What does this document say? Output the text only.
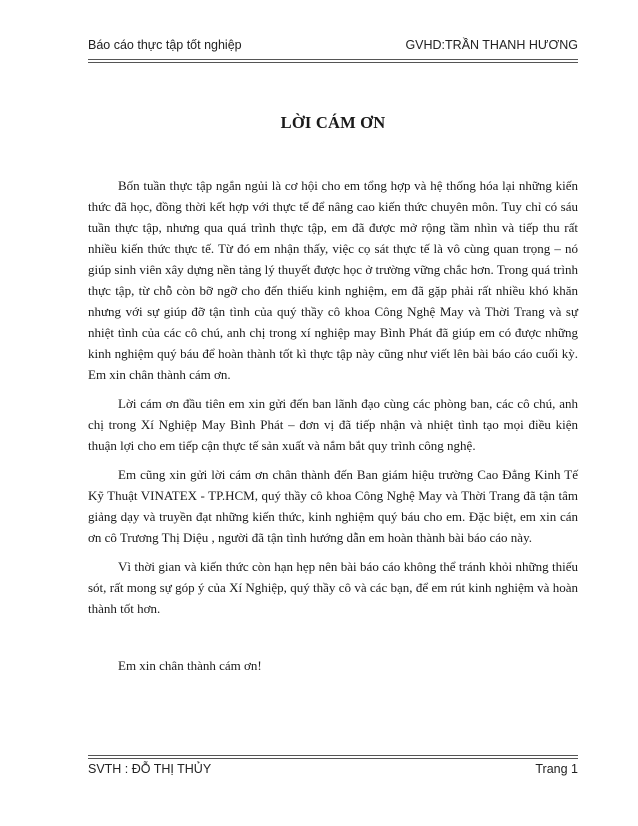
Báo cáo thực tập tốt nghiệp	GVHD:TRẦN THANH HƯƠNG
LỜI CÁM ƠN

Bốn tuần thực tập ngắn ngủi là cơ hội cho em tổng hợp và hệ thống hóa lại những kiến thức đã học, đồng thời kết hợp với thực tế để nâng cao kiến thức chuyên môn. Tuy chỉ có sáu tuần thực tập, nhưng qua quá trình thực tập, em đã được mở rộng tầm nhìn và tiếp thu rất nhiều kiến thức thực tế. Từ đó em nhận thấy, việc cọ sát thực tế là vô cùng quan trọng – nó giúp sinh viên xây dựng nền tảng lý thuyết được học ở trường vững chắc hơn. Trong quá trình thực tập, từ chỗ còn bỡ ngỡ cho đến thiếu kinh nghiệm, em đã gặp phải rất nhiều khó khăn nhưng với sự giúp đỡ tận tình của quý thầy cô khoa Công Nghệ May và Thời Trang và sự nhiệt tình của các cô chú, anh chị trong xí nghiệp may Bình Phát đã giúp em có được những kinh nghiệm quý báu để hoàn thành tốt kì thực tập này cũng như viết lên bài báo cáo cuối kỳ. Em xin chân thành cám ơn.

Lời cám ơn đầu tiên em xin gửi đến ban lãnh đạo cùng các phòng ban, các cô chú, anh chị trong Xí Nghiệp May Bình Phát – đơn vị đã tiếp nhận và nhiệt tình tạo mọi điều kiện thuận lợi cho em tiếp cận thực tế sản xuất và nắm bắt quy trình công nghệ.

Em cũng xin gửi lời cám ơn chân thành đến Ban giám hiệu trường Cao Đẳng Kinh Tế Kỹ Thuật VINATEX - TP.HCM, quý thầy cô khoa Công Nghệ May và Thời Trang đã tận tâm giảng dạy và truyền đạt những kiến thức, kinh nghiệm quý báu cho em. Đặc biệt, em xin cán ơn cô Trương Thị Diệu , người đã tận tình hướng dẫn em hoàn thành bài báo cáo này.

Vì thời gian và kiến thức còn hạn hẹp nên bài báo cáo không thể tránh khỏi những thiếu sót, rất mong sự góp ý của Xí Nghiệp, quý thầy cô và các bạn, để em rút kinh nghiệm và hoàn thành tốt hơn.

Em xin chân thành cám ơn!

SVTH : ĐỖ THỊ THỦY	Trang 1
